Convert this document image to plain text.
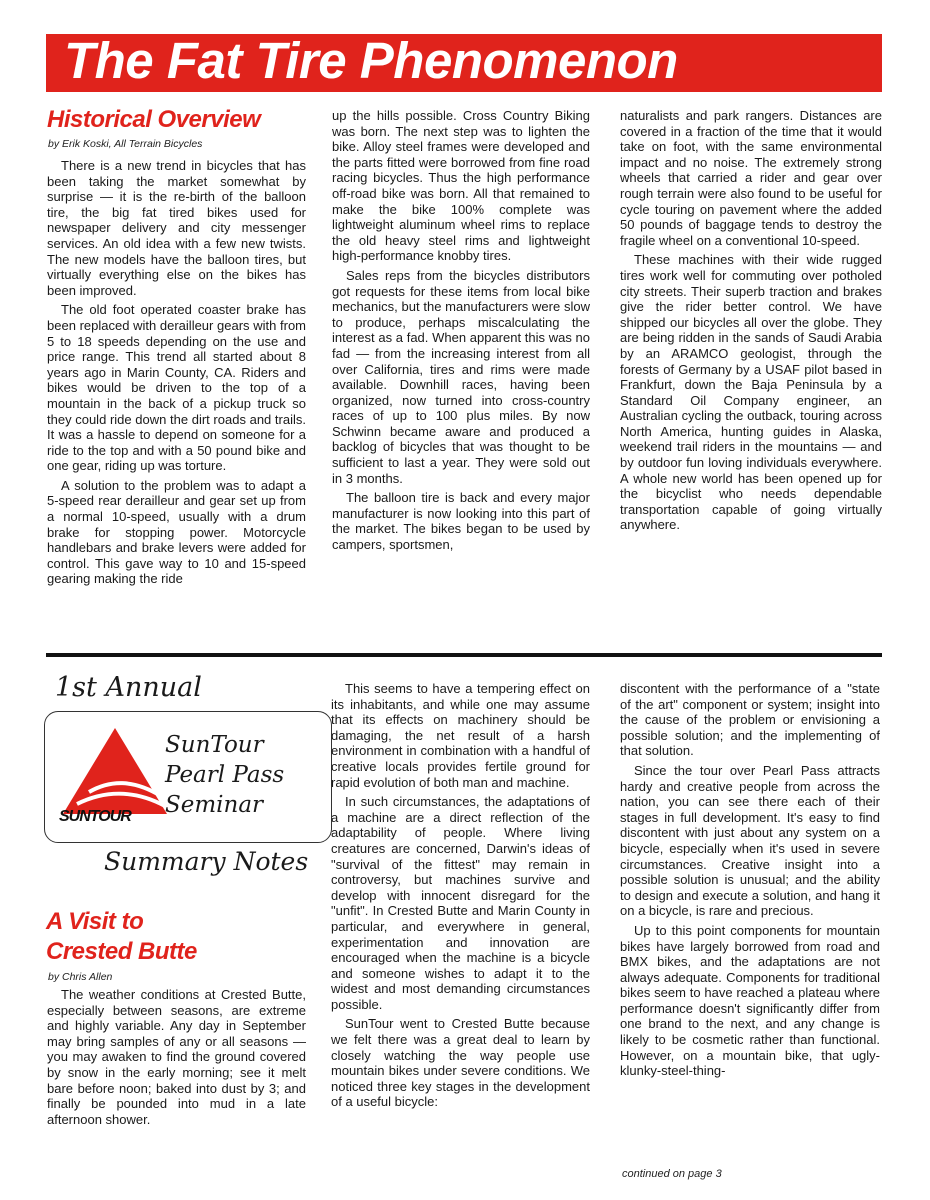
The Fat Tire Phenomenon
Historical Overview
by Erik Koski, All Terrain Bicycles

There is a new trend in bicycles that has been taking the market somewhat by surprise — it is the re-birth of the balloon tire, the big fat tired bikes used for newspaper delivery and city messenger services. An old idea with a few new twists. The new models have the balloon tires, but virtually everything else on the bikes has been improved.

The old foot operated coaster brake has been replaced with derailleur gears with from 5 to 18 speeds depending on the use and price range. This trend all started about 8 years ago in Marin County, CA. Riders and bikes would be driven to the top of a mountain in the back of a pickup truck so they could ride down the dirt roads and trails. It was a hassle to depend on someone for a ride to the top and with a 50 pound bike and one gear, riding up was torture.

A solution to the problem was to adapt a 5-speed rear derailleur and gear set up from a normal 10-speed, usually with a drum brake for stopping power. Motorcycle handlebars and brake levers were added for control. This gave way to 10 and 15-speed gearing making the ride

up the hills possible. Cross Country Biking was born. The next step was to lighten the bike. Alloy steel frames were developed and the parts fitted were borrowed from fine road racing bicycles. Thus the high performance off-road bike was born. All that remained to make the bike 100% complete was lightweight aluminum wheel rims to replace the old heavy steel rims and lightweight high-performance knobby tires.

Sales reps from the bicycles distributors got requests for these items from local bike mechanics, but the manufacturers were slow to produce, perhaps miscalculating the interest as a fad. When apparent this was no fad — from the increasing interest from all over California, tires and rims were made available. Downhill races, having been organized, now turned into cross-country races of up to 100 plus miles. By now Schwinn became aware and produced a backlog of bicycles that was thought to be sufficient to last a year. They were sold out in 3 months.

The balloon tire is back and every major manufacturer is now looking into this part of the market. The bikes began to be used by campers, sportsmen,

naturalists and park rangers. Distances are covered in a fraction of the time that it would take on foot, with the same environmental impact and no noise. The extremely strong wheels that carried a rider and gear over rough terrain were also found to be useful for cycle touring on pavement where the added 50 pounds of baggage tends to destroy the fragile wheel on a conventional 10-speed.

These machines with their wide rugged tires work well for commuting over potholed city streets. Their superb traction and brakes give the rider better control. We have shipped our bicycles all over the globe. They are being ridden in the sands of Saudi Arabia by an ARAMCO geologist, through the forests of Germany by a USAF pilot based in Frankfurt, down the Baja Peninsula by a Standard Oil Company engineer, an Australian cycling the outback, touring across North America, hunting guides in Alaska, weekend trail riders in the mountains — and by outdoor fun loving individuals everywhere. A whole new world has been opened up for the bicyclist who needs dependable transportation capable of going virtually anywhere.

1st Annual
SUNTOUR
SunTour
Pearl Pass
Seminar
Summary Notes
A Visit to
Crested Butte
by Chris Allen

The weather conditions at Crested Butte, especially between seasons, are extreme and highly variable. Any day in September may bring samples of any or all seasons — you may awaken to find the ground covered by snow in the early morning; see it melt bare before noon; baked into dust by 3; and finally be pounded into mud in a late afternoon shower.

This seems to have a tempering effect on its inhabitants, and while one may assume that its effects on machinery should be damaging, the net result of a harsh environment in combination with a handful of creative locals provides fertile ground for rapid evolution of both man and machine.

In such circumstances, the adaptations of a machine are a direct reflection of the adaptability of people. Where living creatures are concerned, Darwin's ideas of "survival of the fittest" may remain in controversy, but machines survive and develop with innocent disregard for the "unfit". In Crested Butte and Marin County in particular, and everywhere in general, experimentation and innovation are encouraged when the machine is a bicycle and someone wishes to adapt it to the widest and most demanding circumstances possible.

SunTour went to Crested Butte because we felt there was a great deal to learn by closely watching the way people use mountain bikes under severe conditions. We noticed three key stages in the development of a useful bicycle:

discontent with the performance of a "state of the art" component or system; insight into the cause of the problem or envisioning a possible solution; and the implementing of that solution.

Since the tour over Pearl Pass attracts hardy and creative people from across the nation, you can see there each of their stages in full development. It's easy to find discontent with just about any system on a bicycle, especially when it's used in severe circumstances. Creative insight into a possible solution is unusual; and the ability to design and execute a solution, and hang it on a bicycle, is rare and precious.

Up to this point components for mountain bikes have largely borrowed from road and BMX bikes, and the adaptations are not always adequate. Components for traditional bikes seem to have reached a plateau where performance doesn't significantly differ from one brand to the next, and any change is likely to be cosmetic rather than functional. However, on a mountain bike, that ugly-klunky-steel-thing-

continued on page 3
